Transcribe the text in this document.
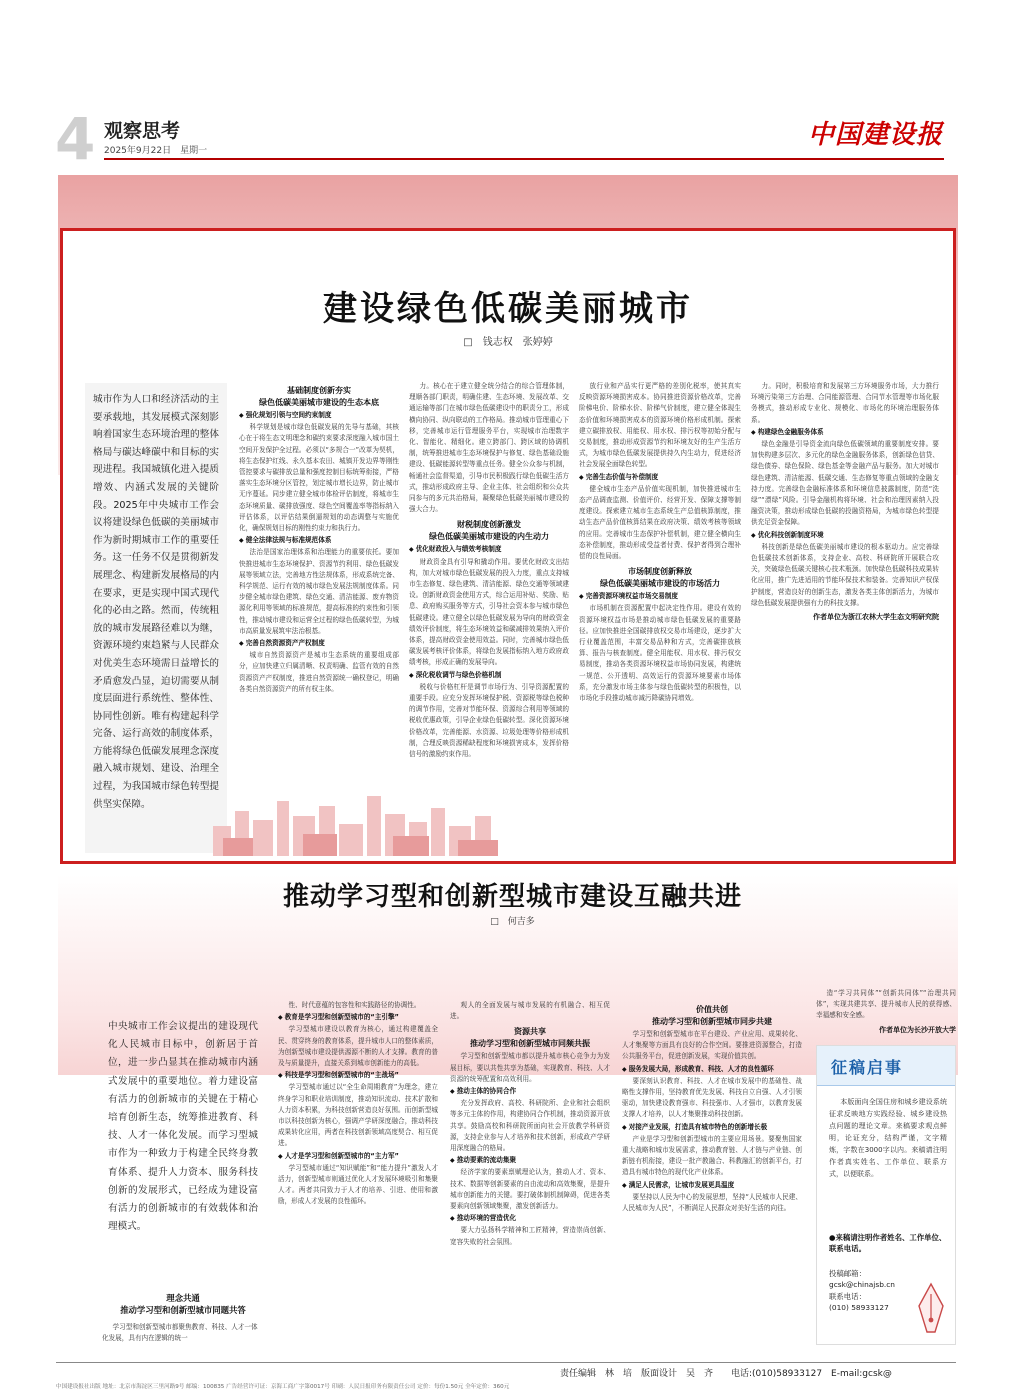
4 观察思考
2025年9月22日　星期一
中国建设报
建设绿色低碳美丽城市
□　钱志权　张婷婷
城市作为人口和经济活动的主要承载地，其发展模式深刻影响着国家生态环境治理的整体格局与碳达峰碳中和目标的实现进程。我国城镇化进入提质增效、内涵式发展的关键阶段。2025年中央城市工作会议将建设绿色低碳的美丽城市作为新时期城市工作的重要任务。这一任务不仅是贯彻新发展理念、构建新发展格局的内在要求，更是实现中国式现代化的必由之路。然而，传统粗放的城市发展路径难以为继，资源环境约束趋紧与人民群众对优美生态环境需日益增长的矛盾愈发凸显，迫切需要从制度层面进行系统性、整体性、协同性创新。唯有构建起科学完备、运行高效的制度体系，方能将绿色低碳发展理念深度融入城市规划、建设、治理全过程，为我国城市绿色转型提供坚实保障。

基础制度创新夯实
绿色低碳美丽城市建设的生态本底

◆ 强化规划引领与空间约束制度

科学规划是城市绿色低碳发展的先导与基础，其核心在于将生态文明理念和碳约束要求深度融入城市国土空间开发保护全过程。必须以“多规合一”改革为契机，将生态保护红线、永久基本农田、城镇开发边界等刚性管控要求与碳排放总量和强度控制目标统筹衔接，严格落实生态环境分区管控，划定城市增长边界，防止城市无序蔓延。同步建立健全城市体检评估制度，将城市生态环境质量、碳排放强度、绿色空间覆盖率等指标纳入评估体系，以评估结果倒逼规划的动态调整与实施优化，确保规划目标的刚性约束力和执行力。

◆ 健全法律法规与标准规范体系

法治是国家治理体系和治理能力的重要依托。要加快推进城市生态环境保护、资源节约利用、绿色低碳发展等领域立法，完善地方性法规体系，形成系统完备、科学规范、运行有效的城市绿色发展法规制度体系。同步健全城市绿色建筑、绿色交通、清洁能源、废弃物资源化利用等领域的标准规范，提高标准的约束性和引领性，推动城市建设和运营全过程的绿色低碳转型，为城市高质量发展筑牢法治根基。

◆ 完善自然资源资产产权制度

城市自然资源资产是城市生态系统的重要组成部分，应加快建立归属清晰、权责明确、监管有效的自然资源资产产权制度，推进自然资源统一确权登记，明确各类自然资源资产的所有权主体。

力。核心在于建立健全统分结合的综合管理体制，理顺各部门职责，明确住建、生态环境、发展改革、交通运输等部门在城市绿色低碳建设中的职责分工，形成横向协同、纵向联动的工作格局。推动城市管理重心下移，完善城市运行管理服务平台，实现城市治理数字化、智能化、精细化。建立跨部门、跨区域的协调机制，统筹推进城市生态环境保护与修复、绿色基础设施建设、低碳能源转型等重点任务。健全公众参与机制，畅通社会监督渠道，引导市民积极践行绿色低碳生活方式，推动形成政府主导、企业主体、社会组织和公众共同参与的多元共治格局，凝聚绿色低碳美丽城市建设的强大合力。

财税制度创新激发
绿色低碳美丽城市建设的内生动力

◆ 优化财政投入与绩效考核制度

财政资金具有引导和撬动作用。要优化财政支出结构，加大对城市绿色低碳发展的投入力度，重点支持城市生态修复、绿色建筑、清洁能源、绿色交通等领域建设。创新财政资金使用方式，综合运用补贴、奖励、贴息、政府购买服务等方式，引导社会资本参与城市绿色低碳建设。建立健全以绿色低碳发展为导向的财政资金绩效评价制度，将生态环境效益和碳减排效果纳入评价体系，提高财政资金使用效益。同时，完善城市绿色低碳发展考核评价体系，将绿色发展指标纳入地方政府政绩考核，形成正确的发展导向。

◆ 深化税收调节与绿色价格机制

税收与价格杠杆是调节市场行为、引导资源配置的重要手段。应充分发挥环境保护税、资源税等绿色税种的调节作用，完善对节能环保、资源综合利用等领域的税收优惠政策，引导企业绿色低碳转型。深化资源环境价格改革，完善能源、水资源、垃圾处理等价格形成机制，合理反映资源稀缺程度和环境损害成本，发挥价格信号的激励约束作用。

放行业和产品实行更严格的差别化税率，使其真实反映资源环境损害成本。协同推进资源价格改革，完善阶梯电价、阶梯水价、阶梯气价制度，建立健全体现生态价值和环境损害成本的资源环境价格形成机制。探索建立碳排放权、用能权、用水权、排污权等初始分配与交易制度，推动形成资源节约和环境友好的生产生活方式，为城市绿色低碳发展提供持久内生动力，促进经济社会发展全面绿色转型。

◆ 完善生态价值与补偿制度

健全城市生态产品价值实现机制，加快推进城市生态产品调查监测、价值评价、经营开发、保障支撑等制度建设。探索建立城市生态系统生产总值核算制度，推动生态产品价值核算结果在政府决策、绩效考核等领域的应用。完善城市生态保护补偿机制，建立健全横向生态补偿制度，推动形成受益者付费、保护者得到合理补偿的良性局面。

市场制度创新释放
绿色低碳美丽城市建设的市场活力

◆ 完善资源环境权益市场交易制度

市场机制在资源配置中起决定性作用。建设有效的资源环境权益市场是推动城市绿色低碳发展的重要路径。应加快推进全国碳排放权交易市场建设，逐步扩大行业覆盖范围，丰富交易品种和方式，完善碳排放核算、报告与核查制度。健全用能权、用水权、排污权交易制度，推动各类资源环境权益市场协同发展，构建统一规范、公开透明、高效运行的资源环境要素市场体系，充分激发市场主体参与绿色低碳转型的积极性，以市场化手段推动城市减污降碳协同增效。

力。同时，积极培育和发展第三方环境服务市场，大力推行环境污染第三方治理、合同能源管理、合同节水管理等市场化服务模式，推动形成专业化、规模化、市场化的环境治理服务体系。

◆ 构建绿色金融服务体系

绿色金融是引导资金流向绿色低碳领域的重要制度安排。要加快构建多层次、多元化的绿色金融服务体系，创新绿色信贷、绿色债券、绿色保险、绿色基金等金融产品与服务。加大对城市绿色建筑、清洁能源、低碳交通、生态修复等重点领域的金融支持力度。完善绿色金融标准体系和环境信息披露制度，防范“洗绿”“漂绿”风险。引导金融机构将环境、社会和治理因素纳入投融资决策，推动形成绿色低碳的投融资格局，为城市绿色转型提供充足资金保障。

◆ 优化科技创新制度环境

科技创新是绿色低碳美丽城市建设的根本驱动力。应完善绿色低碳技术创新体系，支持企业、高校、科研院所开展联合攻关，突破绿色低碳关键核心技术瓶颈。加快绿色低碳科技成果转化应用，推广先进适用的节能环保技术和装备。完善知识产权保护制度，营造良好的创新生态，激发各类主体创新活力，为城市绿色低碳发展提供强有力的科技支撑。

作者单位为浙江农林大学生态文明研究院

推动学习型和创新型城市建设互融共进
□　何吉多
中央城市工作会议提出的建设现代化人民城市目标中，创新居于首位，进一步凸显其在推动城市内涵式发展中的重要地位。着力建设富有活力的创新城市的关键在于精心培育创新生态，统筹推进教育、科技、人才一体化发展。而学习型城市作为一种致力于构建全民终身教育体系、提升人力资本、服务科技创新的发展形式，已经成为建设富有活力的创新城市的有效载体和治理模式。
理念共通
推动学习型和创新型城市同题共答
学习型和创新型城市都聚焦教育、科技、人才一体化发展，具有内在逻辑的统一

性、时代意蕴的包容性和实践路径的协调性。

◆ 教育是学习型和创新型城市的“主引擎”

学习型城市建设以教育为核心，通过构建覆盖全民、贯穿终身的教育体系，提升城市人口的整体素质，为创新型城市建设提供源源不断的人才支撑。教育的普及与质量提升，直接关系到城市创新能力的高低。

◆ 科技是学习型和创新型城市的“主战场”

学习型城市通过以“全生命周期教育”为理念，建立终身学习和职业培训制度，推动知识流动、技术扩散和人力资本积累，为科技创新营造良好氛围。而创新型城市以科技创新为核心，强调产学研深度融合，推动科技成果转化应用，两者在科技创新领域高度契合、相互促进。

◆ 人才是学习型和创新型城市的“主力军”

学习型城市通过“知识赋能”和“能力提升”激发人才活力，创新型城市则通过优化人才发展环境吸引和集聚人才。两者共同致力于人才的培养、引进、使用和激励，形成人才发展的良性循环。

观人的全面发展与城市发展的有机融合、相互促进。

资源共享
推动学习型和创新型城市同频共振

学习型和创新型城市都以提升城市核心竞争力为发展目标，要以共性共享为基础，实现教育、科技、人才资源的统筹配置和高效利用。

◆ 推动主体的协同合作

充分发挥政府、高校、科研院所、企业和社会组织等多元主体的作用，构建协同合作机制，推动资源开放共享。鼓励高校和科研院所面向社会开放教学科研资源，支持企业参与人才培养和技术创新，形成政产学研用深度融合的格局。

◆ 推动要素的流动集聚

经济学家的要素禀赋理论认为，推动人才、资本、技术、数据等创新要素的自由流动和高效集聚，是提升城市创新能力的关键。要打破体制机制障碍，促进各类要素向创新领域集聚，激发创新活力。

◆ 推动环境的营造优化

要大力弘扬科学精神和工匠精神，营造崇尚创新、宽容失败的社会氛围。

价值共创
推动学习型和创新型城市同步共建

学习型和创新型城市在平台建设、产业应用、成果转化、人才集聚等方面具有良好的合作空间。要推进资源整合，打造公共服务平台，促进创新发展，实现价值共创。

◆ 服务发展大局，形成教育、科技、人才的良性循环

要深刻认识教育、科技、人才在城市发展中的基础性、战略性支撑作用，坚持教育优先发展、科技自立自强、人才引领驱动，加快建设教育强市、科技强市、人才强市，以教育发展支撑人才培养，以人才集聚推动科技创新。

◆ 对接产业发展，打造具有城市特色的创新增长极

产业是学习型和创新型城市的主要应用场景。要聚焦国家重大战略和城市发展需求，推动教育链、人才链与产业链、创新链有机衔接，建设一批产教融合、科教融汇的创新平台，打造具有城市特色的现代化产业体系。

◆ 满足人民需求，让城市发展更具温度

要坚持以人民为中心的发展思想，坚持“人民城市人民建、人民城市为人民”，不断满足人民群众对美好生活的向往。

造“学习共同体”“创新共同体”“治理共同体”，实现共建共享、提升城市人民的获得感、幸福感和安全感。

作者单位为长沙开放大学

征稿启事
本版面向全国住房和城乡建设系统征求反映地方实践经验、城乡建设热点问题的理论文章。来稿要求观点鲜明，论证充分，结构严谨，文字精炼，字数在3000字以内。来稿请注明作者真实姓名、工作单位、联系方式，以便联系。
●来稿请注明作者姓名、工作单位、联系电话。
投稿邮箱：
gcsk@chinajsb.cn
联系电话：
(010) 58933127
责任编辑　林　培　版面设计　吴　齐　　电话:(010)58933127　E-mail:gcsk@
中国建设报社出版 地址：北京市海淀区三里河路9号 邮编：100835 广告经营许可证：京海工商广字第0017号 印刷：人民日报印务有限责任公司 定价：每份1.50元 全年定价：360元
